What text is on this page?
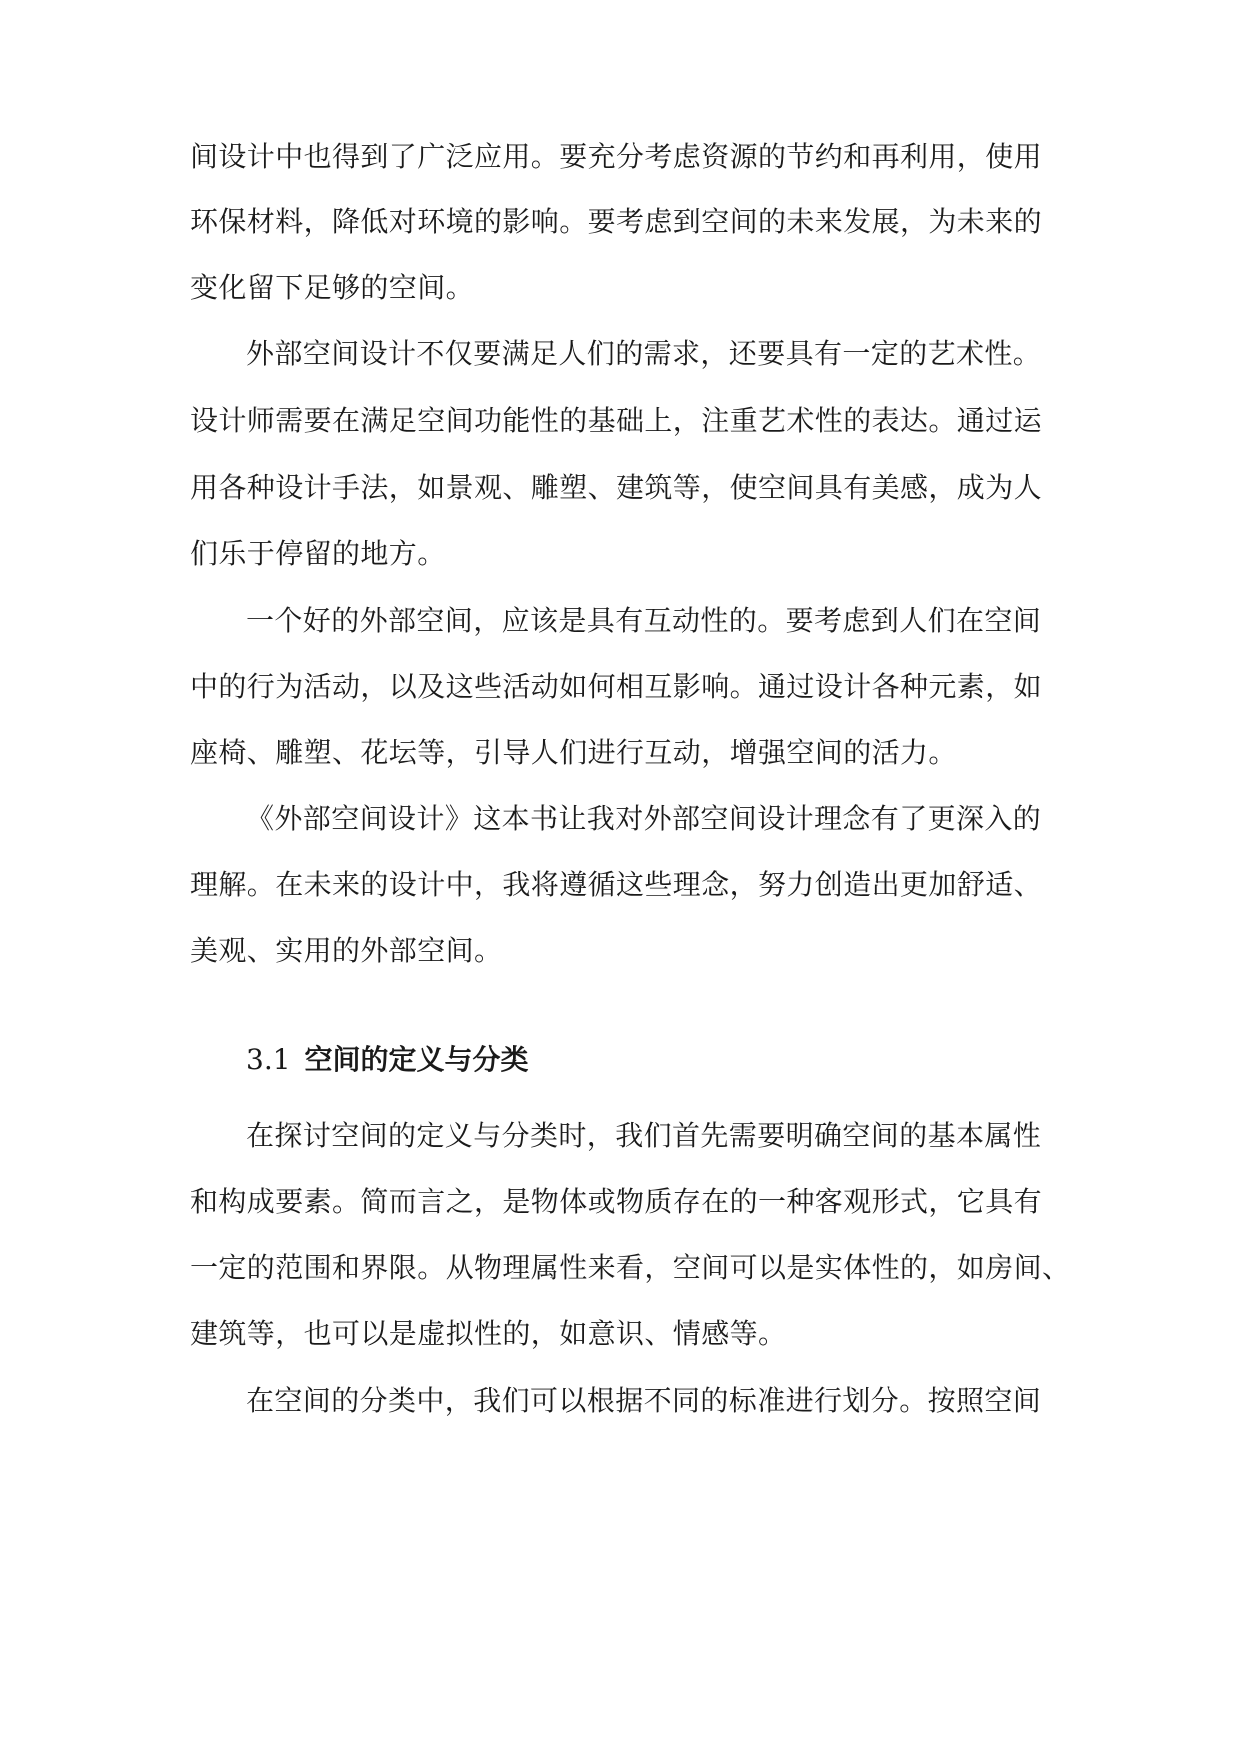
间设计中也得到了广泛应用。要充分考虑资源的节约和再利用，使用
环保材料，降低对环境的影响。要考虑到空间的未来发展，为未来的
变化留下足够的空间。
外部空间设计不仅要满足人们的需求，还要具有一定的艺术性。
设计师需要在满足空间功能性的基础上，注重艺术性的表达。通过运
用各种设计手法，如景观、雕塑、建筑等，使空间具有美感，成为人
们乐于停留的地方。
一个好的外部空间，应该是具有互动性的。要考虑到人们在空间
中的行为活动，以及这些活动如何相互影响。通过设计各种元素，如
座椅、雕塑、花坛等，引导人们进行互动，增强空间的活力。
《外部空间设计》这本书让我对外部空间设计理念有了更深入的
理解。在未来的设计中，我将遵循这些理念，努力创造出更加舒适、
美观、实用的外部空间。
3.1 空间的定义与分类
在探讨空间的定义与分类时，我们首先需要明确空间的基本属性
和构成要素。简而言之，是物体或物质存在的一种客观形式，它具有
一定的范围和界限。从物理属性来看，空间可以是实体性的，如房间、
建筑等，也可以是虚拟性的，如意识、情感等。
在空间的分类中，我们可以根据不同的标准进行划分。按照空间
